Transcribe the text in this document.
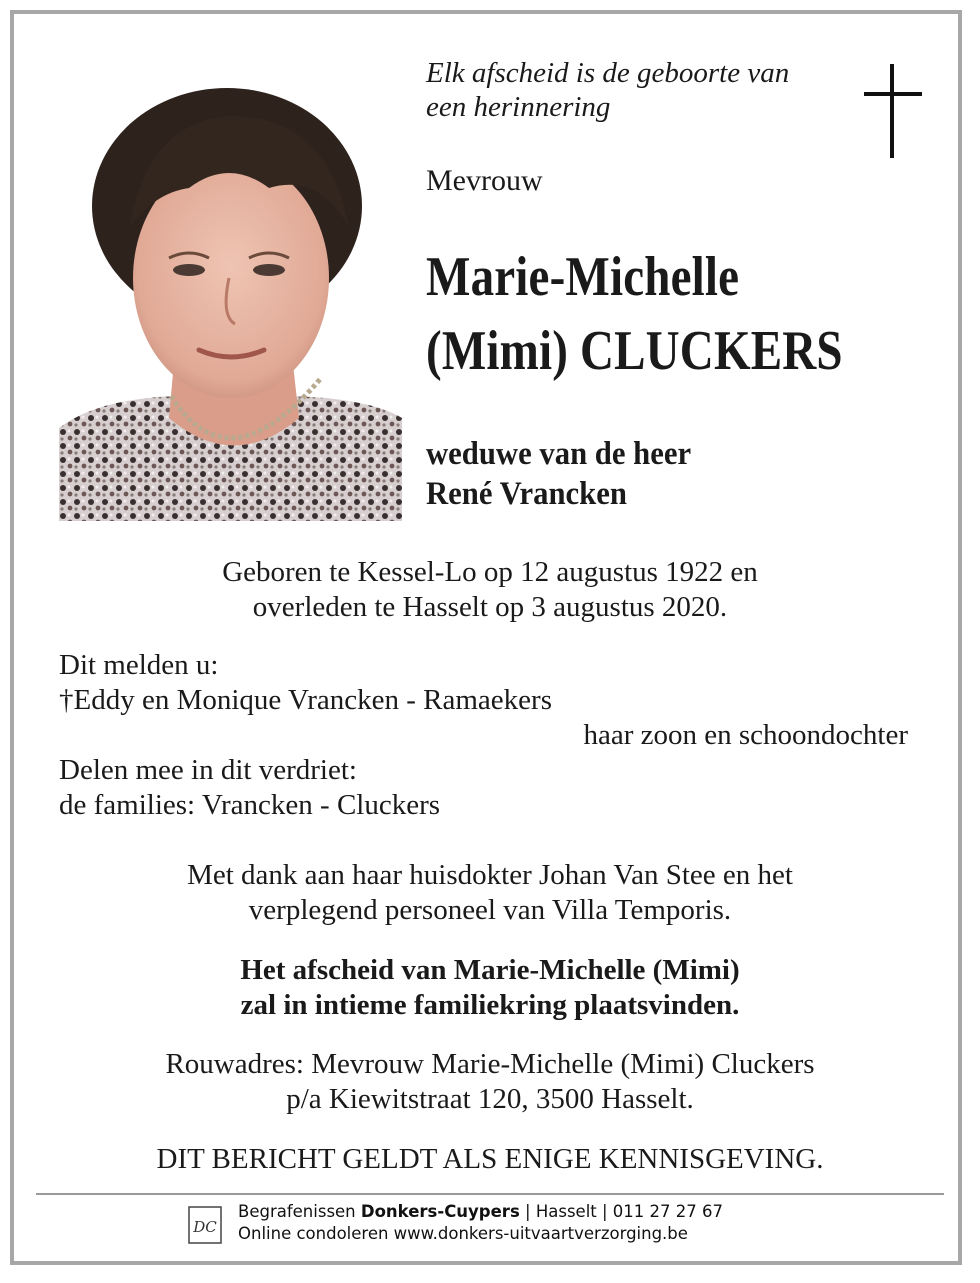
Elk afscheid is de geboorte van
een herinnering
Mevrouw
Marie-Michelle
(Mimi) CLUCKERS
weduwe van de heer
René Vrancken
Geboren te Kessel-Lo op 12 augustus 1922 en
overleden te Hasselt op 3 augustus 2020.
Dit melden u:
†Eddy en Monique Vrancken - Ramaekers
haar zoon en schoondochter
Delen mee in dit verdriet:
de families: Vrancken - Cluckers
Met dank aan haar huisdokter Johan Van Stee en het
verplegend personeel van Villa Temporis.
Het afscheid van Marie-Michelle (Mimi)
zal in intieme familiekring plaatsvinden.
Rouwadres: Mevrouw Marie-Michelle (Mimi) Cluckers
p/a Kiewitstraat 120, 3500 Hasselt.
DIT BERICHT GELDT ALS ENIGE KENNISGEVING.
DC
Begrafenissen Donkers-Cuypers | Hasselt | 011 27 27 67
Online condoleren www.donkers-uitvaartverzorging.be
